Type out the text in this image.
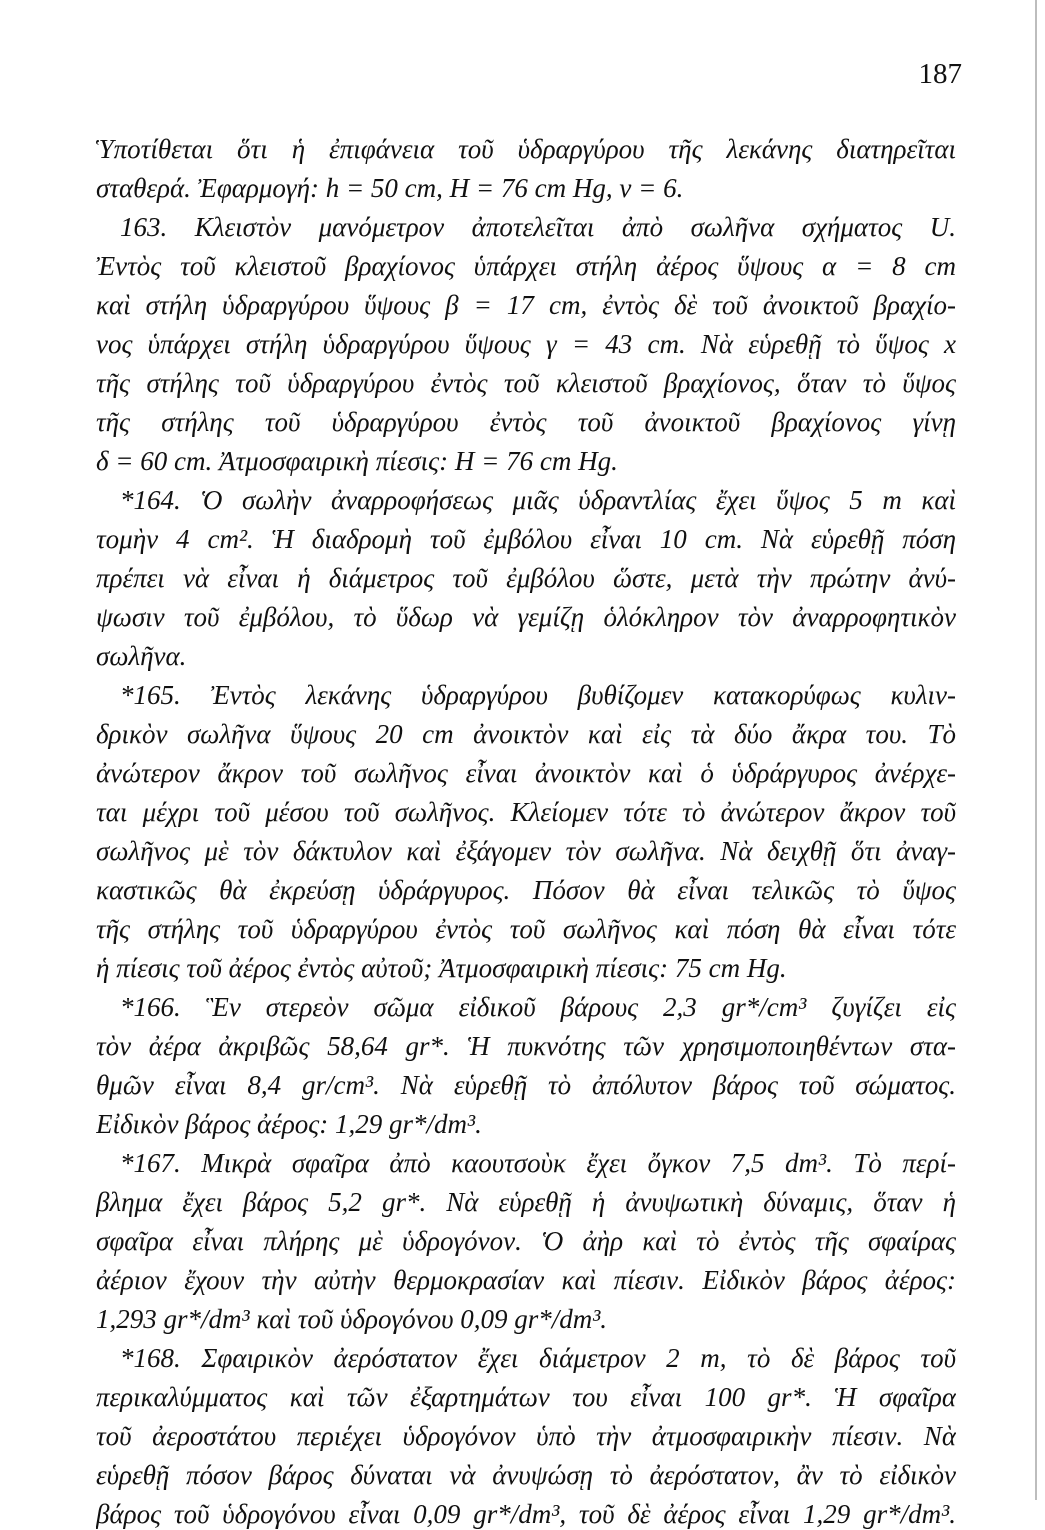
187
Ὑποτίθεται ὅτι ἡ ἐπιφάνεια τοῦ ὑδραργύρου τῆς λεκάνης διατηρεῖται
σταθερά. Ἐφαρμογή: h = 50 cm, H = 76 cm Hg, ν = 6.
163. Κλειστὸν μανόμετρον ἀποτελεῖται ἀπὸ σωλῆνα σχήματος U.
Ἐντὸς τοῦ κλειστοῦ βραχίονος ὑπάρχει στήλη ἀέρος ὕψους α = 8 cm
καὶ στήλη ὑδραργύρου ὕψους β = 17 cm, ἐντὸς δὲ τοῦ ἀνοικτοῦ βραχίο-
νος ὑπάρχει στήλη ὑδραργύρου ὕψους γ = 43 cm. Νὰ εὑρεθῇ τὸ ὕψος x
τῆς στήλης τοῦ ὑδραργύρου ἐντὸς τοῦ κλειστοῦ βραχίονος, ὅταν τὸ ὕψος
τῆς στήλης τοῦ ὑδραργύρου ἐντὸς τοῦ ἀνοικτοῦ βραχίονος γίνῃ
δ = 60 cm. Ἀτμοσφαιρικὴ πίεσις: H = 76 cm Hg.
*164. Ὁ σωλὴν ἀναρροφήσεως μιᾶς ὑδραντλίας ἔχει ὕψος 5 m καὶ
τομὴν 4 cm². Ἡ διαδρομὴ τοῦ ἐμβόλου εἶναι 10 cm. Νὰ εὑρεθῇ πόση
πρέπει νὰ εἶναι ἡ διάμετρος τοῦ ἐμβόλου ὥστε, μετὰ τὴν πρώτην ἀνύ-
ψωσιν τοῦ ἐμβόλου, τὸ ὕδωρ νὰ γεμίζῃ ὁλόκληρον τὸν ἀναρροφητικὸν
σωλῆνα.
*165. Ἐντὸς λεκάνης ὑδραργύρου βυθίζομεν κατακορύφως κυλιν-
δρικὸν σωλῆνα ὕψους 20 cm ἀνοικτὸν καὶ εἰς τὰ δύο ἄκρα του. Τὸ
ἀνώτερον ἄκρον τοῦ σωλῆνος εἶναι ἀνοικτὸν καὶ ὁ ὑδράργυρος ἀνέρχε-
ται μέχρι τοῦ μέσου τοῦ σωλῆνος. Κλείομεν τότε τὸ ἀνώτερον ἄκρον τοῦ
σωλῆνος μὲ τὸν δάκτυλον καὶ ἐξάγομεν τὸν σωλῆνα. Νὰ δειχθῇ ὅτι ἀναγ-
καστικῶς θὰ ἐκρεύσῃ ὑδράργυρος. Πόσον θὰ εἶναι τελικῶς τὸ ὕψος
τῆς στήλης τοῦ ὑδραργύρου ἐντὸς τοῦ σωλῆνος καὶ πόση θὰ εἶναι τότε
ἡ πίεσις τοῦ ἀέρος ἐντὸς αὐτοῦ; Ἀτμοσφαιρικὴ πίεσις: 75 cm Hg.
*166. Ἓν στερεὸν σῶμα εἰδικοῦ βάρους 2,3 gr*/cm³ ζυγίζει εἰς
τὸν ἀέρα ἀκριβῶς 58,64 gr*. Ἡ πυκνότης τῶν χρησιμοποιηθέντων στα-
θμῶν εἶναι 8,4 gr/cm³. Νὰ εὑρεθῇ τὸ ἀπόλυτον βάρος τοῦ σώματος.
Εἰδικὸν βάρος ἀέρος: 1,29 gr*/dm³.
*167. Μικρὰ σφαῖρα ἀπὸ καουτσοὺκ ἔχει ὄγκον 7,5 dm³. Τὸ περί-
βλημα ἔχει βάρος 5,2 gr*. Νὰ εὑρεθῇ ἡ ἀνυψωτικὴ δύναμις, ὅταν ἡ
σφαῖρα εἶναι πλήρης μὲ ὑδρογόνον. Ὁ ἀὴρ καὶ τὸ ἐντὸς τῆς σφαίρας
ἀέριον ἔχουν τὴν αὐτὴν θερμοκρασίαν καὶ πίεσιν. Εἰδικὸν βάρος ἀέρος:
1,293 gr*/dm³ καὶ τοῦ ὑδρογόνου 0,09 gr*/dm³.
*168. Σφαιρικὸν ἀερόστατον ἔχει διάμετρον 2 m, τὸ δὲ βάρος τοῦ
περικαλύμματος καὶ τῶν ἐξαρτημάτων του εἶναι 100 gr*. Ἡ σφαῖρα
τοῦ ἀεροστάτου περιέχει ὑδρογόνον ὑπὸ τὴν ἀτμοσφαιρικὴν πίεσιν. Νὰ
εὑρεθῇ πόσον βάρος δύναται νὰ ἀνυψώσῃ τὸ ἀερόστατον, ἂν τὸ εἰδικὸν
βάρος τοῦ ὑδρογόνου εἶναι 0,09 gr*/dm³, τοῦ δὲ ἀέρος εἶναι 1,29 gr*/dm³.
